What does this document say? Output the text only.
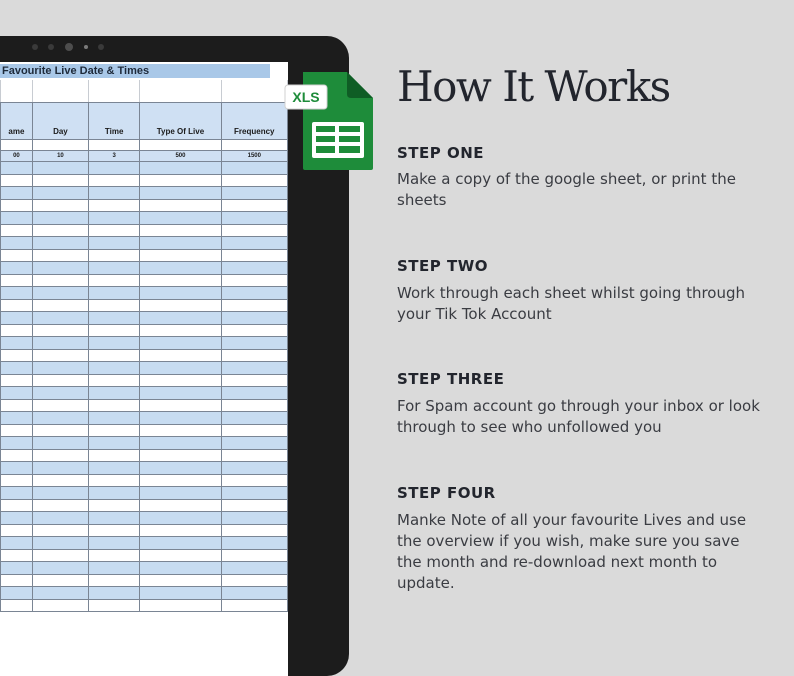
Favourite Live Date & Times

ame	Day	Time	Type Of Live	Frequency

00	10	3	500	1500

XLS How It Works
STEP ONE
Make a copy of the google sheet, or print the sheets
STEP TWO
Work through each sheet whilst going through your Tik Tok Account
STEP THREE
For Spam account go through your inbox or look through to see who unfollowed you
STEP FOUR
Manke Note of all your favourite Lives and use the overview if you wish, make sure you save the month and re-download next month to update.
